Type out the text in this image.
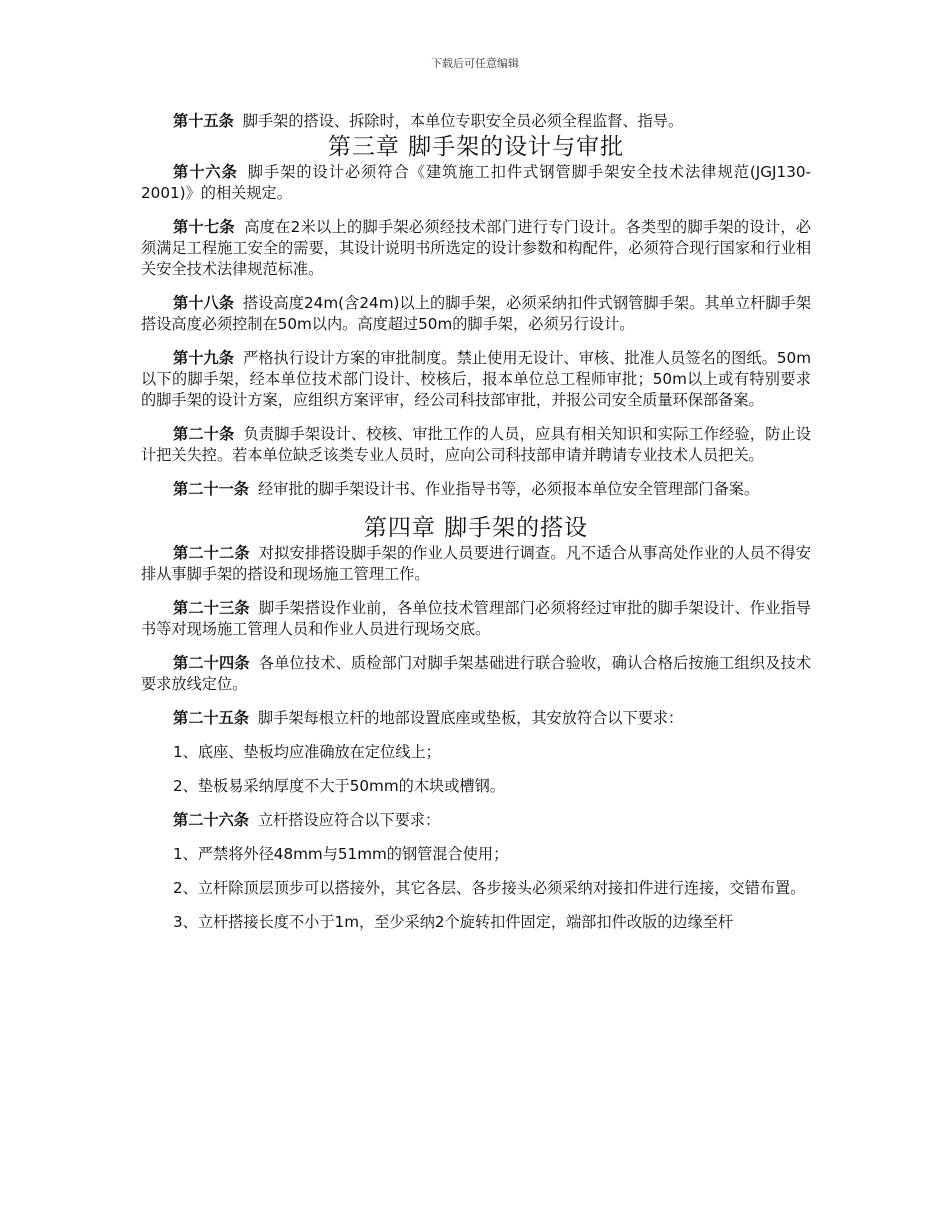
下载后可任意编辑

第十五条 脚手架的搭设、拆除时，本单位专职安全员必须全程监督、指导。

第三章 脚手架的设计与审批

第十六条 脚手架的设计必须符合《建筑施工扣件式钢管脚手架安全技术法律规范(JGJ130-2001)》的相关规定。

第十七条 高度在2米以上的脚手架必须经技术部门进行专门设计。各类型的脚手架的设计，必须满足工程施工安全的需要，其设计说明书所选定的设计参数和构配件，必须符合现行国家和行业相关安全技术法律规范标准。

第十八条 搭设高度24m(含24m)以上的脚手架，必须采纳扣件式钢管脚手架。其单立杆脚手架搭设高度必须控制在50m以内。高度超过50m的脚手架，必须另行设计。

第十九条 严格执行设计方案的审批制度。禁止使用无设计、审核、批准人员签名的图纸。50m以下的脚手架，经本单位技术部门设计、校核后，报本单位总工程师审批；50m以上或有特别要求的脚手架的设计方案，应组织方案评审，经公司科技部审批，并报公司安全质量环保部备案。

第二十条 负责脚手架设计、校核、审批工作的人员，应具有相关知识和实际工作经验，防止设计把关失控。若本单位缺乏该类专业人员时，应向公司科技部申请并聘请专业技术人员把关。

第二十一条 经审批的脚手架设计书、作业指导书等，必须报本单位安全管理部门备案。

第四章 脚手架的搭设

第二十二条 对拟安排搭设脚手架的作业人员要进行调查。凡不适合从事高处作业的人员不得安排从事脚手架的搭设和现场施工管理工作。

第二十三条 脚手架搭设作业前，各单位技术管理部门必须将经过审批的脚手架设计、作业指导书等对现场施工管理人员和作业人员进行现场交底。

第二十四条 各单位技术、质检部门对脚手架基础进行联合验收，确认合格后按施工组织及技术要求放线定位。

第二十五条 脚手架每根立杆的地部设置底座或垫板，其安放符合以下要求：

1、底座、垫板均应准确放在定位线上；

2、垫板易采纳厚度不大于50mm的木块或槽钢。

第二十六条 立杆搭设应符合以下要求：

1、严禁将外径48mm与51mm的钢管混合使用；

2、立杆除顶层顶步可以搭接外，其它各层、各步接头必须采纳对接扣件进行连接，交错布置。

3、立杆搭接长度不小于1m，至少采纳2个旋转扣件固定，端部扣件改版的边缘至杆
